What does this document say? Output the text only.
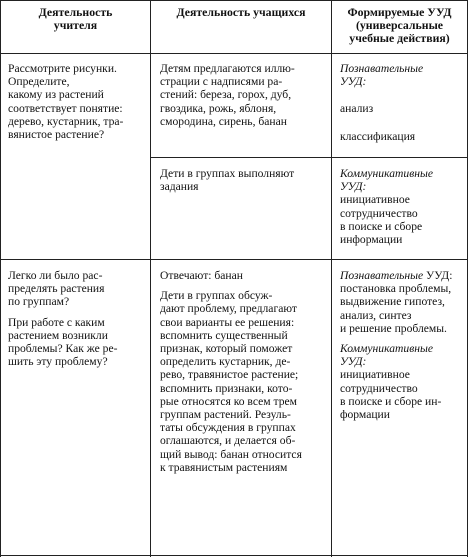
Деятельность

учителя

Деятельность учащихся	Формируемые УУД

(универсальные

учебные действия)

Рассмотрите рисунки.

Определите,

какому из растений

соответствует понятие:

дерево, кустарник, тра-

вянистое растение?

Детям предлагаются иллю-

страции с надписями ра-

стений: береза, горох, дуб,

гвоздика, рожь, яблоня,

смородина, сирень, банан

Познавательные

УУД:

анализ

классификация

Дети в группах выполняют

задания

Коммуникативные

УУД:

инициативное

сотрудничество

в поиске и сборе

информации

Легко ли было рас-

пределять растения

по группам?

При работе с каким

растением возникли

проблемы? Как же ре-

шить эту проблему?

Отвечают: банан

Дети в группах обсуж-

дают проблему, предлагают

свои варианты ее решения:

вспомнить существенный

признак, который поможет

определить кустарник, де-

рево, травянистое растение;

вспомнить признаки, кото-

рые относятся ко всем трем

группам растений. Резуль-

таты обсуждения в группах

оглашаются, и делается об-

щий вывод: банан относится

к травянистым растениям

Познавательные УУД:

постановка проблемы,

выдвижение гипотез,

анализ, синтез

и решение проблемы.

Коммуникативные

УУД:

инициативное

сотрудничество

в поиске и сборе ин-

формации
